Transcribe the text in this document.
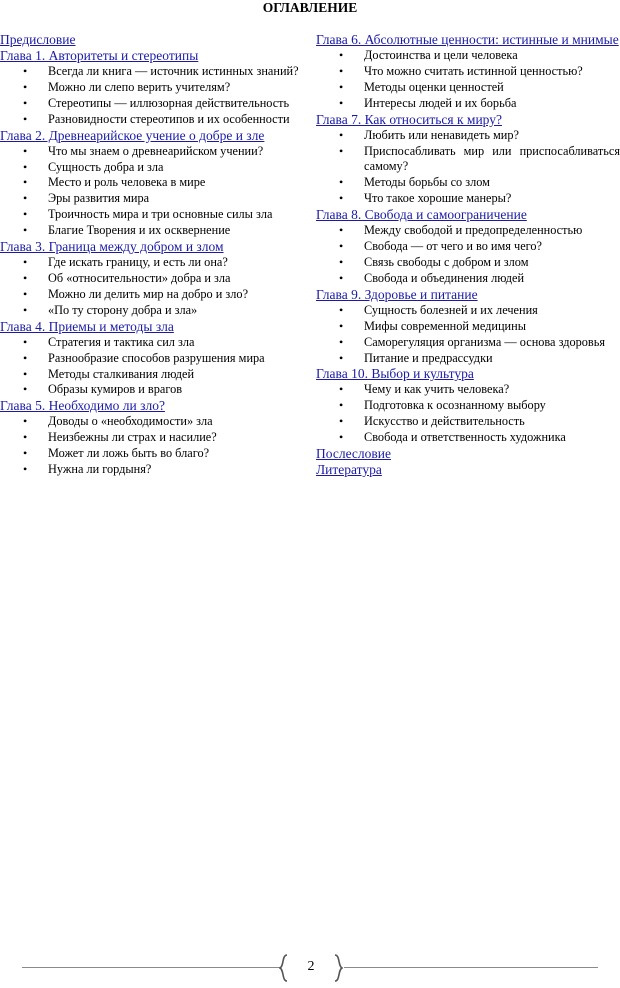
ОГЛАВЛЕНИЕ
Предисловие
Глава 1. Авторитеты и стереотипы
• Всегда ли книга — источник истинных знаний?
• Можно ли слепо верить учителям?
• Стереотипы — иллюзорная действительность
• Разновидности стереотипов и их особенности
Глава 2. Древнеарийское учение о добре и зле
• Что мы знаем о древнеарийском учении?
• Сущность добра и зла
• Место и роль человека в мире
• Эры развития мира
• Троичность мира и три основные силы зла
• Благие Творения и их осквернение
Глава 3. Граница между добром и злом
• Где искать границу, и есть ли она?
• Об «относительности» добра и зла
• Можно ли делить мир на добро и зло?
• «По ту сторону добра и зла»
Глава 4. Приемы и методы зла
• Стратегия и тактика сил зла
• Разнообразие способов разрушения мира
• Методы сталкивания людей
• Образы кумиров и врагов
Глава 5. Необходимо ли зло?
• Доводы о «необходимости» зла
• Неизбежны ли страх и насилие?
• Может ли ложь быть во благо?
• Нужна ли гордыня?
Глава 6. Абсолютные ценности: истинные и мнимые
• Достоинства и цели человека
• Что можно считать истинной ценностью?
• Методы оценки ценностей
• Интересы людей и их борьба
Глава 7. Как относиться к миру?
• Любить или ненавидеть мир?
• Приспосабливать мир или приспосабливаться самому?
• Методы борьбы со злом
• Что такое хорошие манеры?
Глава 8. Свобода и самоограничение
• Между свободой и предопределенностью
• Свобода — от чего и во имя чего?
• Связь свободы с добром и злом
• Свобода и объединения людей
Глава 9. Здоровье и питание
• Сущность болезней и их лечения
• Мифы современной медицины
• Саморегуляция организма — основа здоровья
• Питание и предрассудки
Глава 10. Выбор и культура
• Чему и как учить человека?
• Подготовка к осознанному выбору
• Искусство и действительность
• Свобода и ответственность художника
Послесловие
Литература
2
